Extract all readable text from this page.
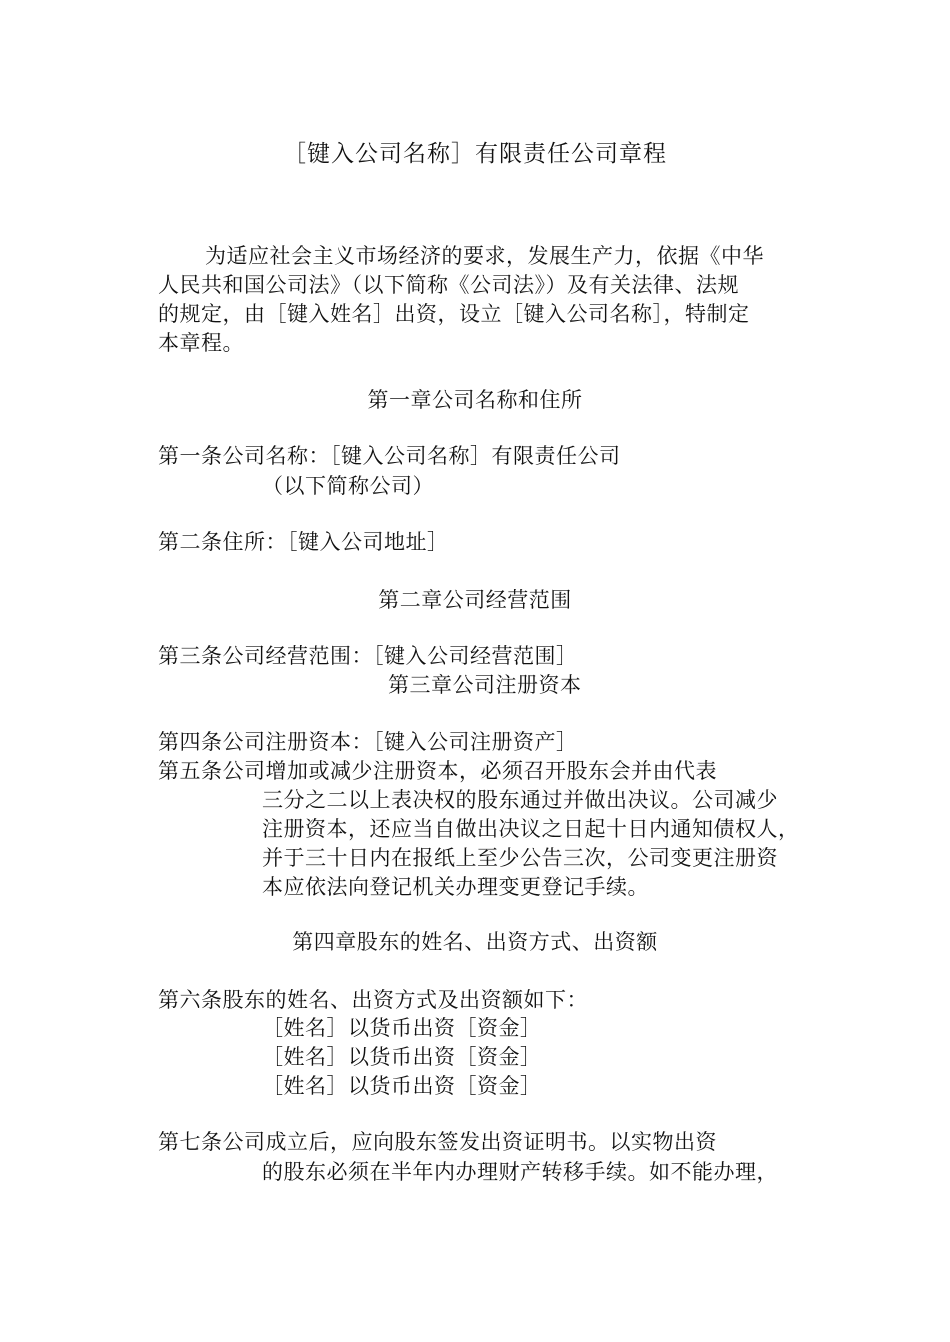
［键入公司名称］有限责任公司章程
为适应社会主义市场经济的要求，发展生产力，依据《中华
人民共和国公司法》（以下简称《公司法》）及有关法律、法规
的规定，由［键入姓名］出资，设立［键入公司名称］，特制定
本章程。
第一章公司名称和住所
第一条公司名称：［键入公司名称］有限责任公司
（以下简称公司）
第二条住所：［键入公司地址］
第二章公司经营范围
第三条公司经营范围：［键入公司经营范围］
第三章公司注册资本
第四条公司注册资本：［键入公司注册资产］
第五条公司增加或减少注册资本，必须召开股东会并由代表
三分之二以上表决权的股东通过并做出决议。公司减少
注册资本，还应当自做出决议之日起十日内通知债权人，
并于三十日内在报纸上至少公告三次，公司变更注册资
本应依法向登记机关办理变更登记手续。
第四章股东的姓名、出资方式、出资额
第六条股东的姓名、出资方式及出资额如下：
［姓名］以货币出资［资金］
［姓名］以货币出资［资金］
［姓名］以货币出资［资金］
第七条公司成立后，应向股东签发出资证明书。以实物出资
的股东必须在半年内办理财产转移手续。如不能办理，
